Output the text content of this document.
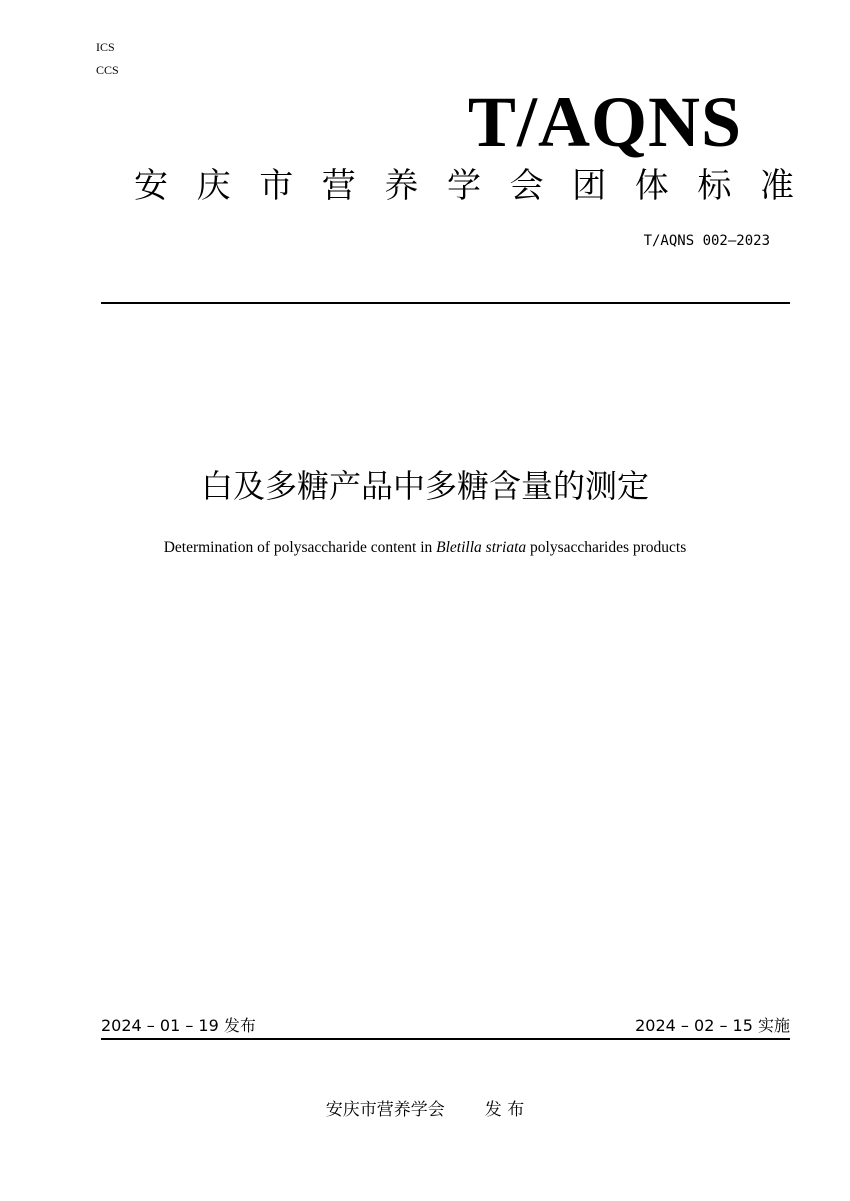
ICS
CCS
T/AQNS
安 庆 市 营 养 学 会 团 体 标 准
T/AQNS 002—2023
白及多糖产品中多糖含量的测定
Determination of polysaccharide content in Bletilla striata polysaccharides products
2024 – 01 – 19 发布	2024 – 02 – 15 实施
安庆市营养学会 发 布
